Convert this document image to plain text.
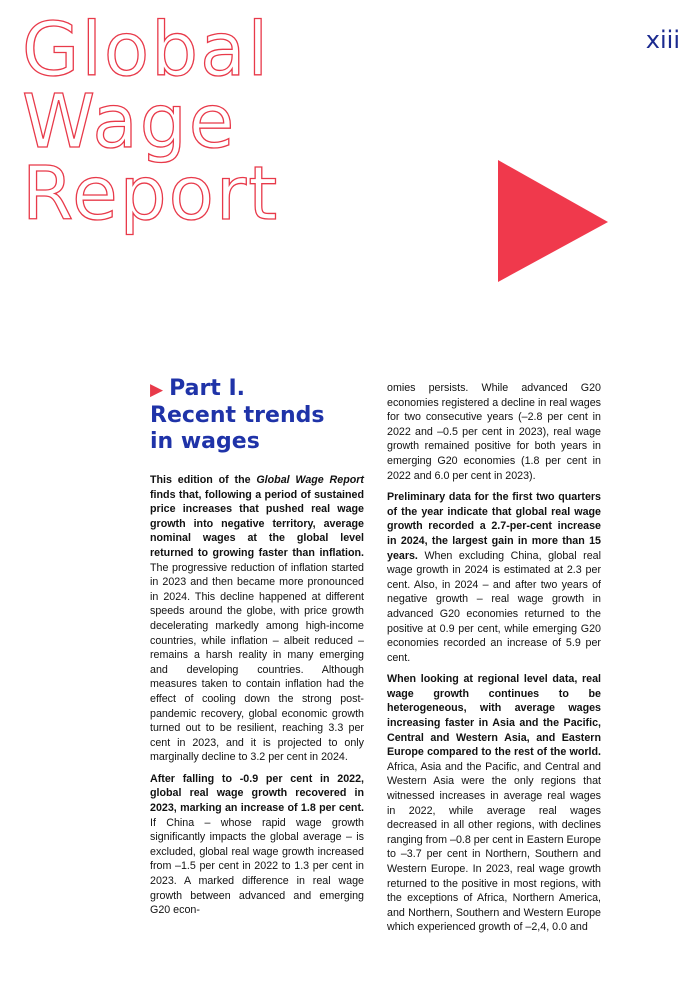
Global
Wage
Report
xiii
▶ Part I.
Recent trends
in wages

This edition of the Global Wage Report finds that, following a period of sustained price increases that pushed real wage growth into negative territory, average nominal wages at the global level returned to growing faster than inflation. The progressive reduction of inflation started in 2023 and then became more pronounced in 2024. This decline happened at different speeds around the globe, with price growth decelerating markedly among high-income countries, while inflation – albeit reduced – remains a harsh reality in many emerging and developing countries. Although measures taken to contain inflation had the effect of cooling down the strong post-pandemic recovery, global economic growth turned out to be resilient, reaching 3.3 per cent in 2023, and it is projected to only marginally decline to 3.2 per cent in 2024.

After falling to -0.9 per cent in 2022, global real wage growth recovered in 2023, marking an increase of 1.8 per cent. If China – whose rapid wage growth significantly impacts the global average – is excluded, global real wage growth increased from –1.5 per cent in 2022 to 1.3 per cent in 2023. A marked difference in real wage growth between advanced and emerging G20 econ-

omies persists. While advanced G20 economies registered a decline in real wages for two consecutive years (–2.8 per cent in 2022 and –0.5 per cent in 2023), real wage growth remained positive for both years in emerging G20 economies (1.8 per cent in 2022 and 6.0 per cent in 2023).

Preliminary data for the first two quarters of the year indicate that global real wage growth recorded a 2.7-per-cent increase in 2024, the largest gain in more than 15 years. When excluding China, global real wage growth in 2024 is estimated at 2.3 per cent. Also, in 2024 – and after two years of negative growth – real wage growth in advanced G20 economies returned to the positive at 0.9 per cent, while emerging G20 economies recorded an increase of 5.9 per cent.

When looking at regional level data, real wage growth continues to be heterogeneous, with average wages increasing faster in Asia and the Pacific, Central and Western Asia, and Eastern Europe compared to the rest of the world. Africa, Asia and the Pacific, and Central and Western Asia were the only regions that witnessed increases in average real wages in 2022, while average real wages decreased in all other regions, with declines ranging from –0.8 per cent in Eastern Europe to –3.7 per cent in Northern, Southern and Western Europe. In 2023, real wage growth returned to the positive in most regions, with the exceptions of Africa, Northern America, and Northern, Southern and Western Europe which experienced growth of –2,4, 0.0 and
